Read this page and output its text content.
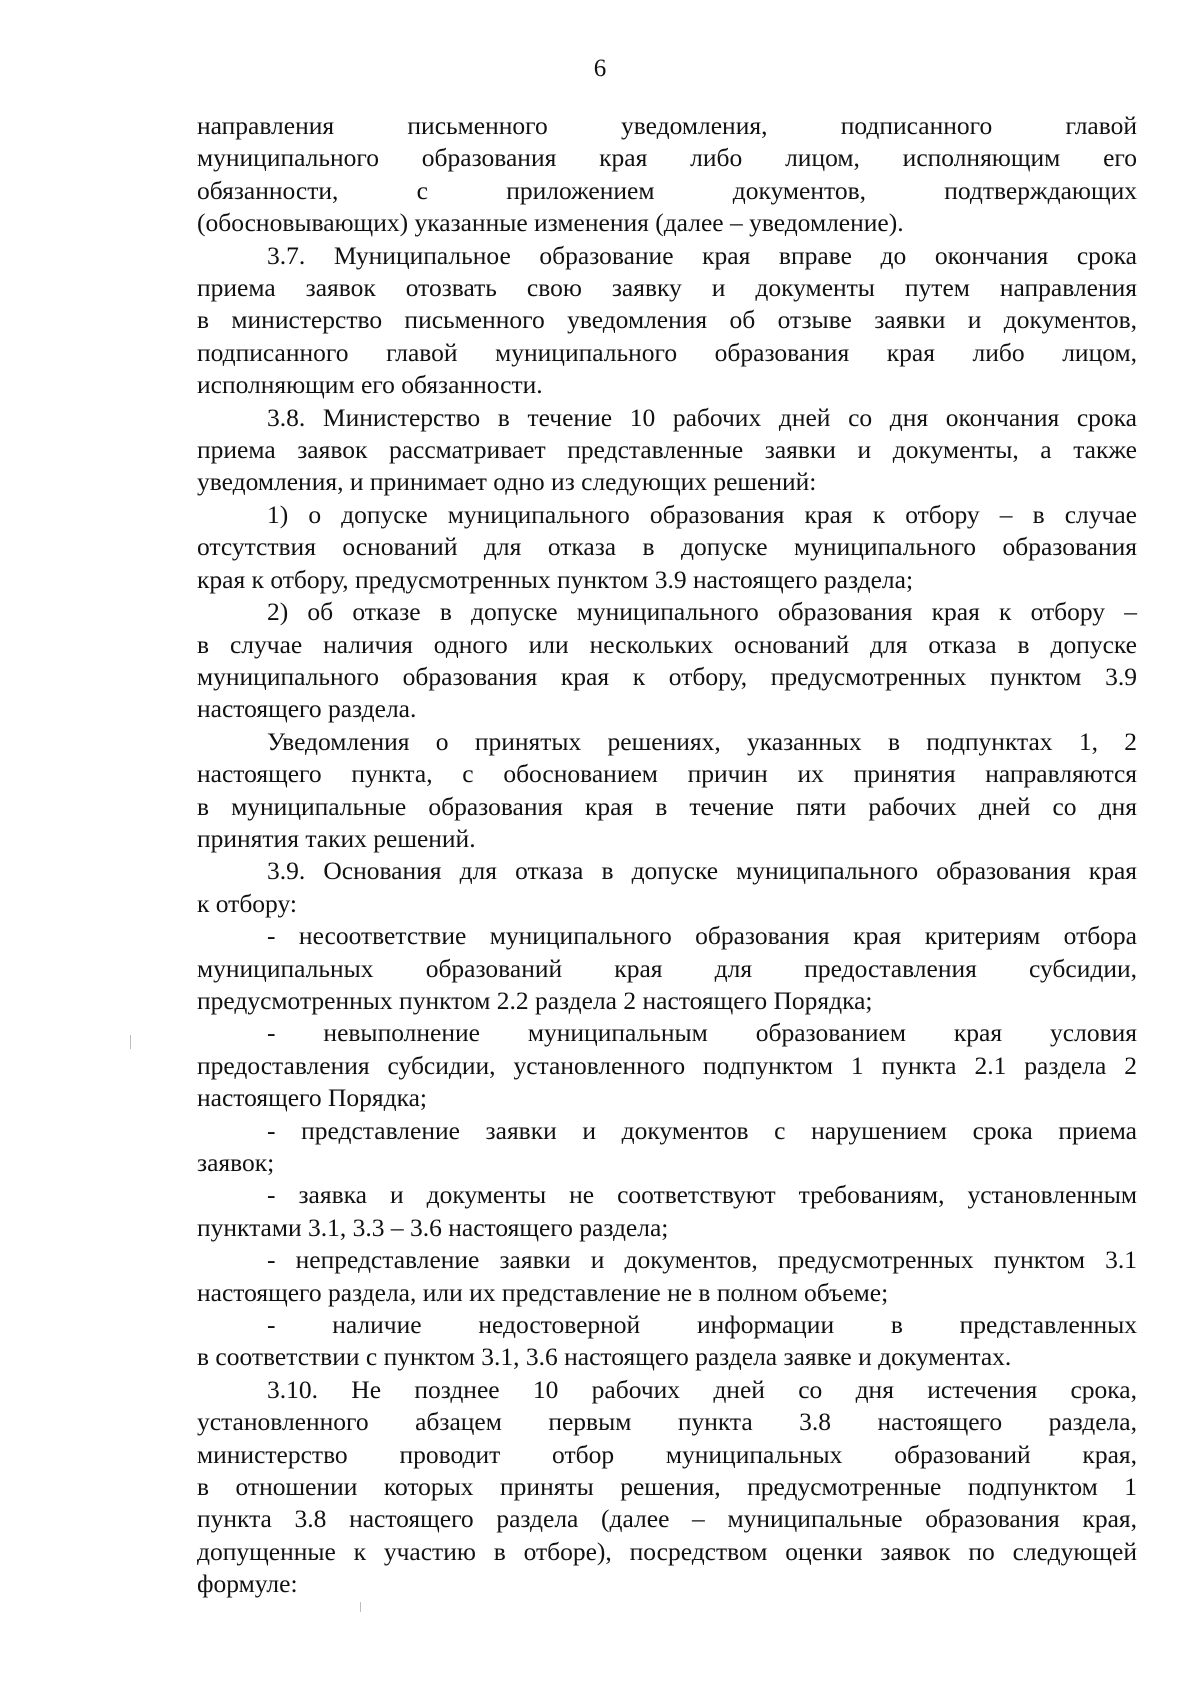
6
направления письменного уведомления, подписанного главой
муниципального образования края либо лицом, исполняющим его
обязанности, с приложением документов, подтверждающих
(обосновывающих) указанные изменения (далее – уведомление).
3.7. Муниципальное образование края вправе до окончания срока
приема заявок отозвать свою заявку и документы путем направления
в министерство письменного уведомления об отзыве заявки и документов,
подписанного главой муниципального образования края либо лицом,
исполняющим его обязанности.
3.8. Министерство в течение 10 рабочих дней со дня окончания срока
приема заявок рассматривает представленные заявки и документы, а также
уведомления, и принимает одно из следующих решений:
1) о допуске муниципального образования края к отбору – в случае
отсутствия оснований для отказа в допуске муниципального образования
края к отбору, предусмотренных пунктом 3.9 настоящего раздела;
2) об отказе в допуске муниципального образования края к отбору –
в случае наличия одного или нескольких оснований для отказа в допуске
муниципального образования края к отбору, предусмотренных пунктом 3.9
настоящего раздела.
Уведомления о принятых решениях, указанных в подпунктах 1, 2
настоящего пункта, с обоснованием причин их принятия направляются
в муниципальные образования края в течение пяти рабочих дней со дня
принятия таких решений.
3.9. Основания для отказа в допуске муниципального образования края
к отбору:
- несоответствие муниципального образования края критериям отбора
муниципальных образований края для предоставления субсидии,
предусмотренных пунктом 2.2 раздела 2 настоящего Порядка;
- невыполнение муниципальным образованием края условия
предоставления субсидии, установленного подпунктом 1 пункта 2.1 раздела 2
настоящего Порядка;
- представление заявки и документов с нарушением срока приема
заявок;
- заявка и документы не соответствуют требованиям, установленным
пунктами 3.1, 3.3 – 3.6 настоящего раздела;
- непредставление заявки и документов, предусмотренных пунктом 3.1
настоящего раздела, или их представление не в полном объеме;
- наличие недостоверной информации в представленных
в соответствии с пунктом 3.1, 3.6 настоящего раздела заявке и документах.
3.10. Не позднее 10 рабочих дней со дня истечения срока,
установленного абзацем первым пункта 3.8 настоящего раздела,
министерство проводит отбор муниципальных образований края,
в отношении которых приняты решения, предусмотренные подпунктом 1
пункта 3.8 настоящего раздела (далее – муниципальные образования края,
допущенные к участию в отборе), посредством оценки заявок по следующей
формуле:
